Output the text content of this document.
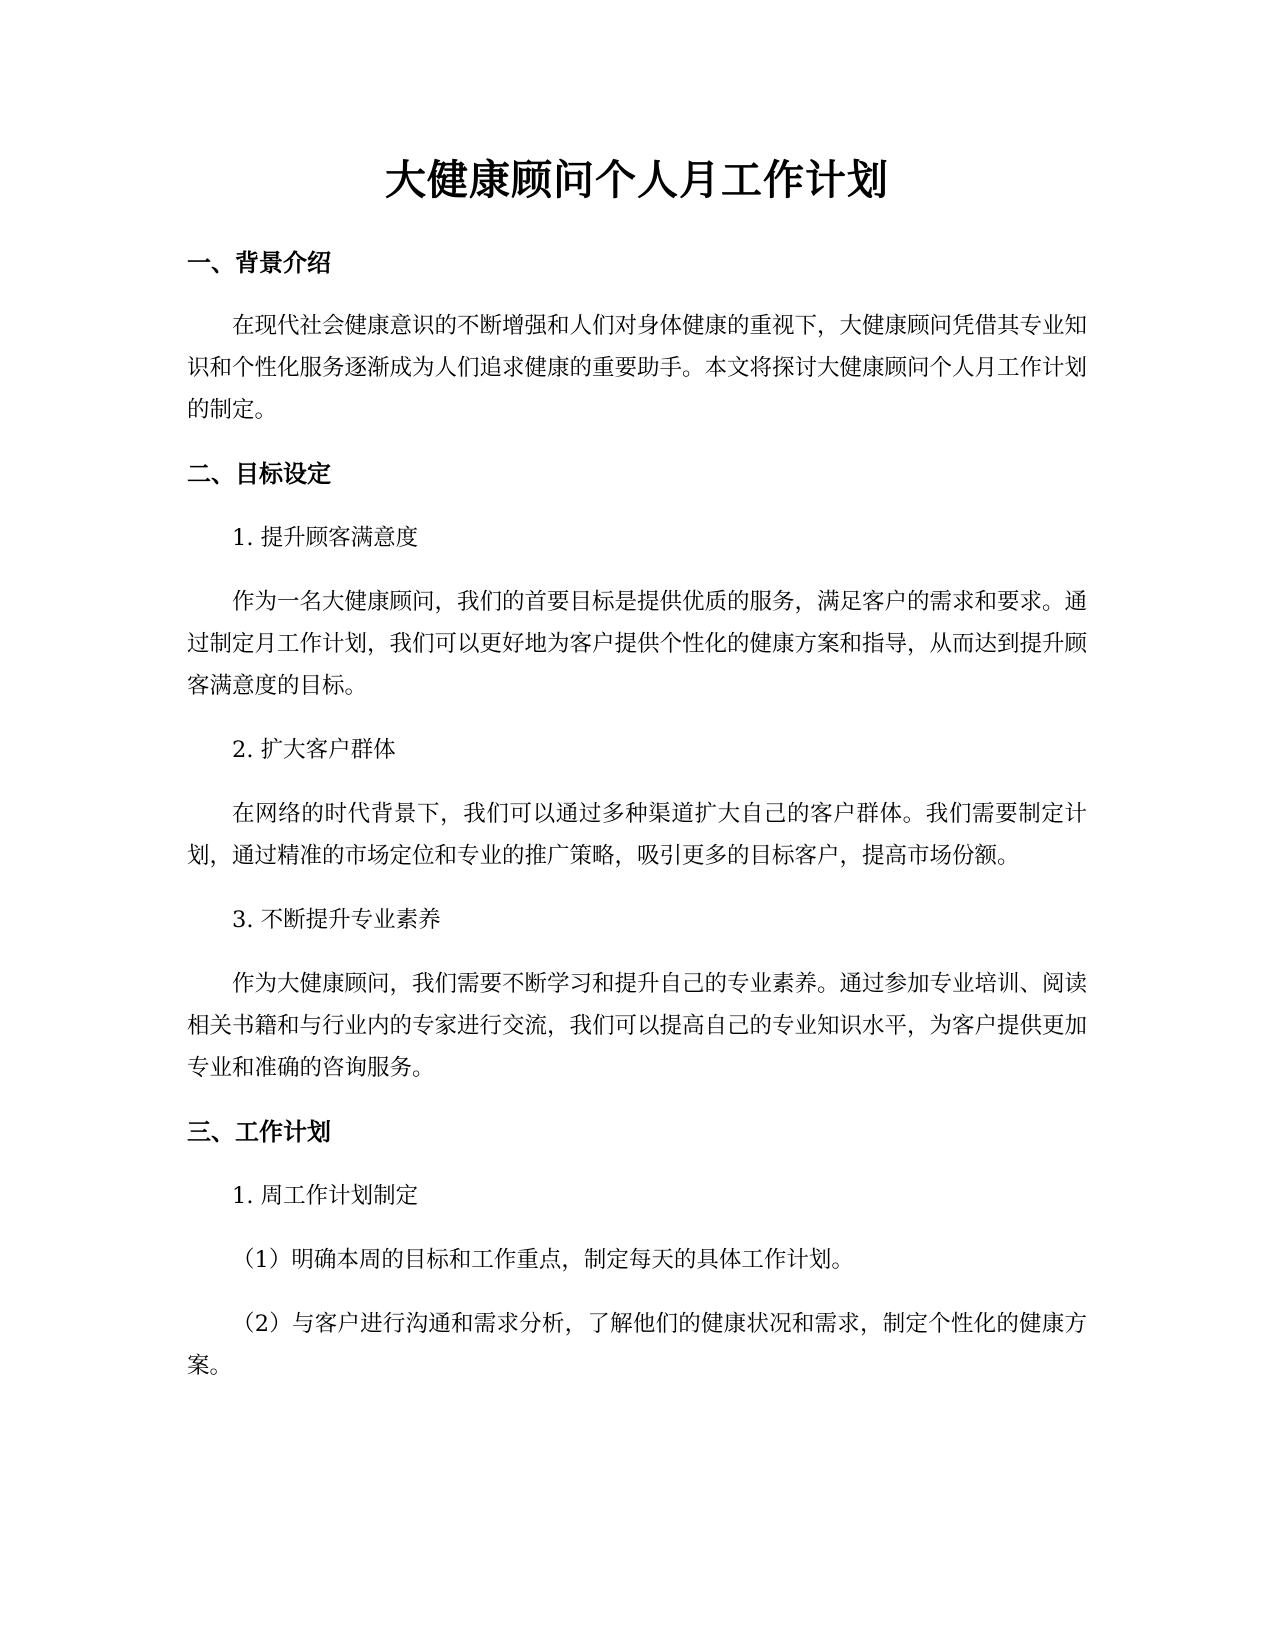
大健康顾问个人月工作计划
一、背景介绍

在现代社会健康意识的不断增强和人们对身体健康的重视下，大健康顾问凭借其专业知识和个性化服务逐渐成为人们追求健康的重要助手。本文将探讨大健康顾问个人月工作计划的制定。

二、目标设定

1. 提升顾客满意度

作为一名大健康顾问，我们的首要目标是提供优质的服务，满足客户的需求和要求。通过制定月工作计划，我们可以更好地为客户提供个性化的健康方案和指导，从而达到提升顾客满意度的目标。

2. 扩大客户群体

在网络的时代背景下，我们可以通过多种渠道扩大自己的客户群体。我们需要制定计划，通过精准的市场定位和专业的推广策略，吸引更多的目标客户，提高市场份额。

3. 不断提升专业素养

作为大健康顾问，我们需要不断学习和提升自己的专业素养。通过参加专业培训、阅读相关书籍和与行业内的专家进行交流，我们可以提高自己的专业知识水平，为客户提供更加专业和准确的咨询服务。

三、工作计划

1. 周工作计划制定

（1）明确本周的目标和工作重点，制定每天的具体工作计划。

（2）与客户进行沟通和需求分析，了解他们的健康状况和需求，制定个性化的健康方案。
